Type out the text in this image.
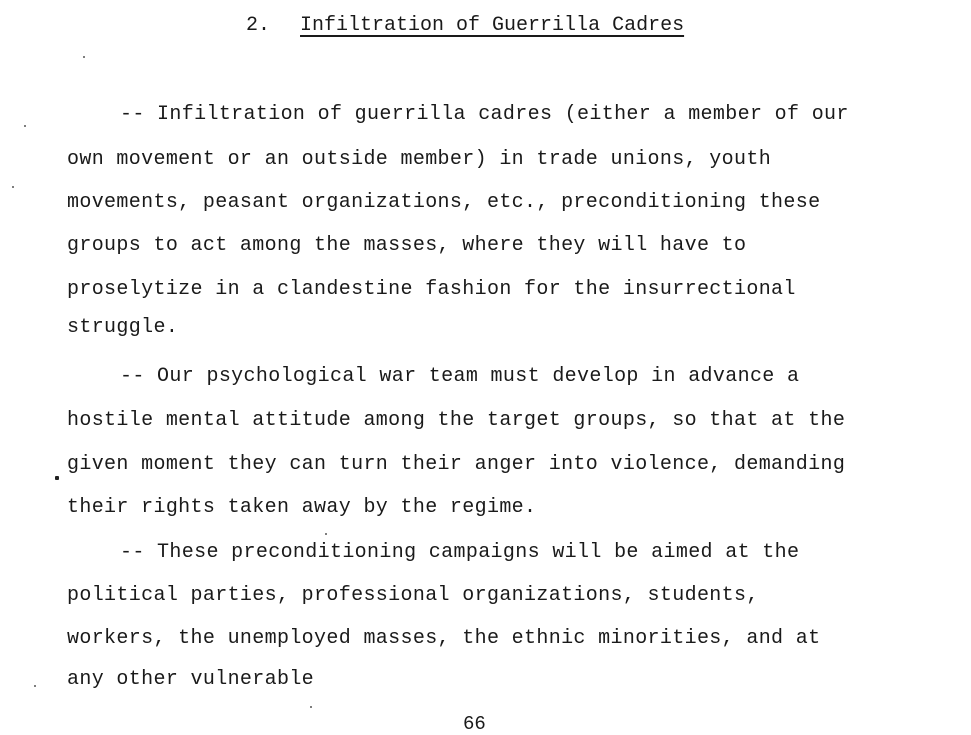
2. Infiltration of Guerrilla Cadres
-- Infiltration of guerrilla cadres (either a member of our
own movement or an outside member) in trade unions, youth
movements, peasant organizations, etc., preconditioning these
groups to act among the masses, where they will have to
proselytize in a clandestine fashion for the insurrectional
struggle.
-- Our psychological war team must develop in advance a
hostile mental attitude among the target groups, so that at the
given moment they can turn their anger into violence, demanding
their rights taken away by the regime.
-- These preconditioning campaigns will be aimed at the
political parties, professional organizations, students,
workers, the unemployed masses, the ethnic minorities, and at
any other vulnerable
66
